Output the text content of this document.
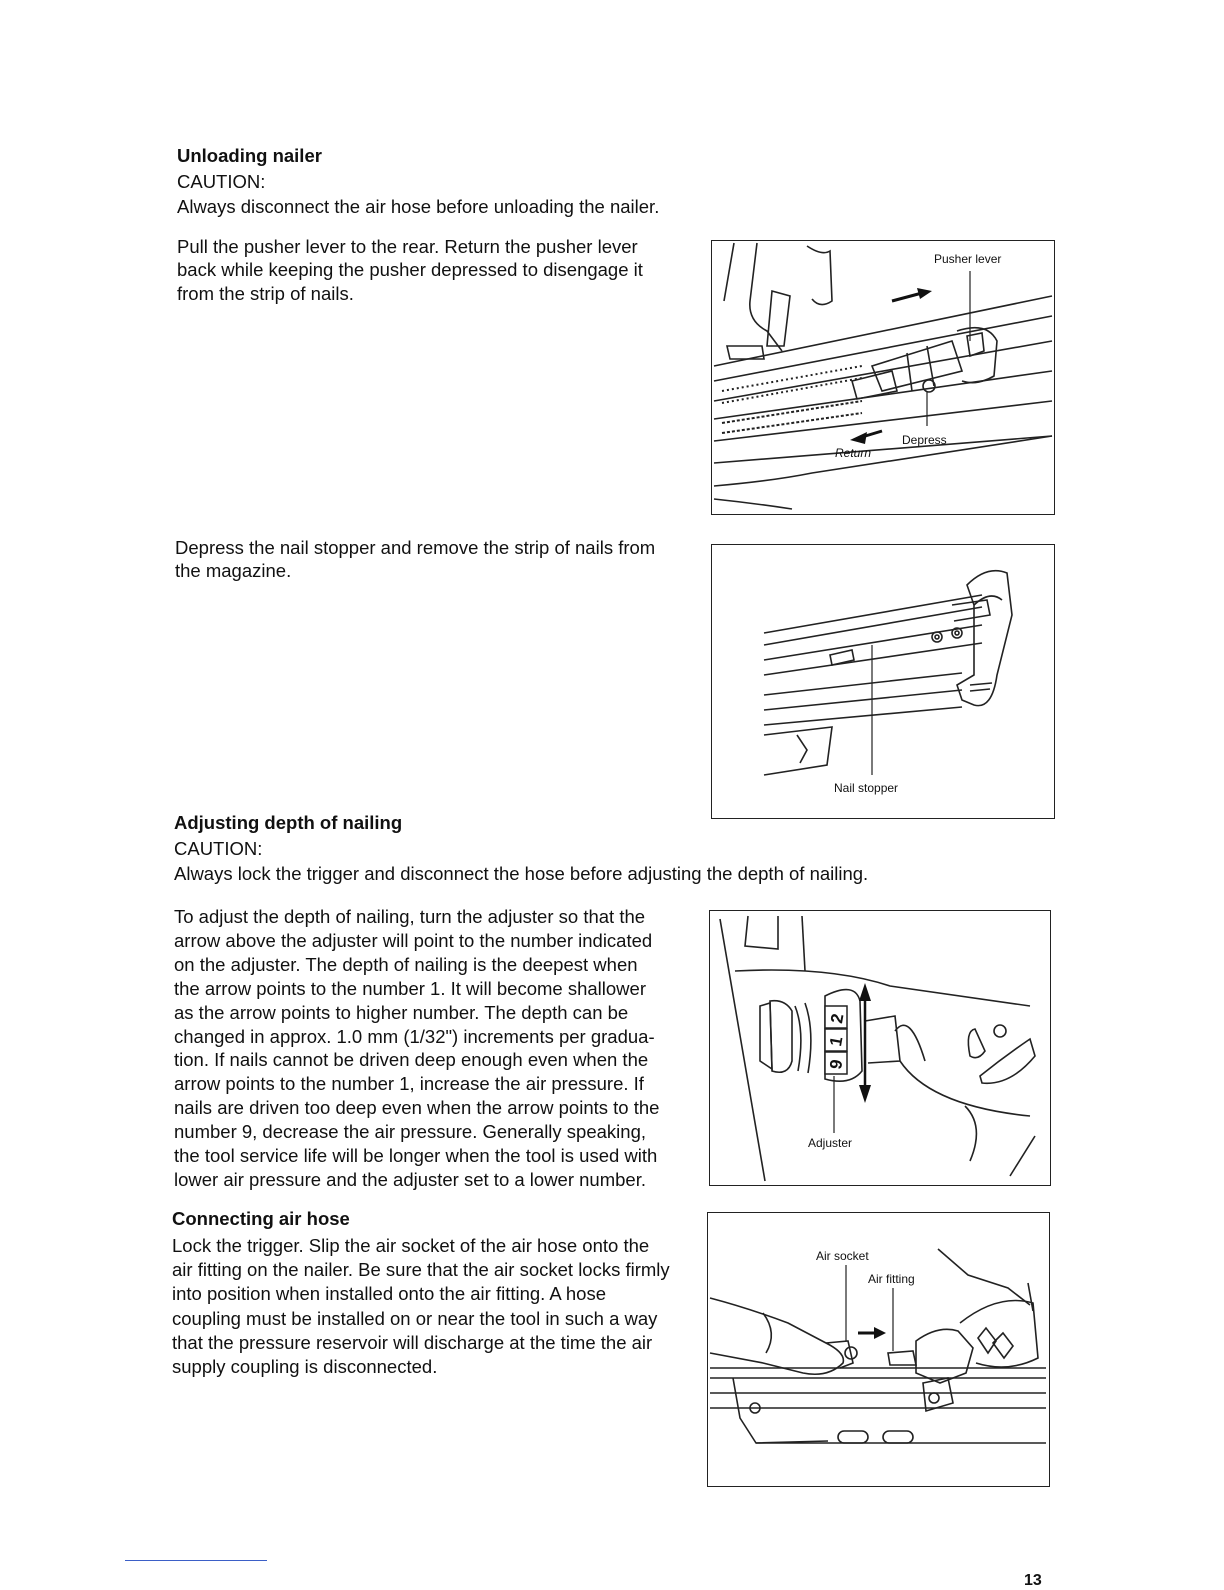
Unloading nailer
CAUTION:
Always disconnect the air hose before unloading the nailer.
Pull the pusher lever to the rear. Return the pusher lever
back while keeping the pusher depressed to disengage it
from the strip of nails.
Pusher lever
Depress
Return
Depress the nail stopper and remove the strip of nails from
the magazine.
Nail stopper
Adjusting depth of nailing
CAUTION:
Always lock the trigger and disconnect the hose before adjusting the depth of nailing.
To adjust the depth of nailing, turn the adjuster so that the
arrow above the adjuster will point to the number indicated
on the adjuster. The depth of nailing is the deepest when
the arrow points to the number 1. It will become shallower
as the arrow points to higher number. The depth can be
changed in approx. 1.0 mm (1/32") increments per gradua-
tion. If nails cannot be driven deep enough even when the
arrow points to the number 1, increase the air pressure. If
nails are driven too deep even when the arrow points to the
number 9, decrease the air pressure. Generally speaking,
the tool service life will be longer when the tool is used with
lower air pressure and the adjuster set to a lower number.
2
1
9
Adjuster
Connecting air hose
Lock the trigger. Slip the air socket of the air hose onto the
air fitting on the nailer. Be sure that the air socket locks firmly
into position when installed onto the air fitting. A hose
coupling must be installed on or near the tool in such a way
that the pressure reservoir will discharge at the time the air
supply coupling is disconnected.
Air socket
Air fitting
13
